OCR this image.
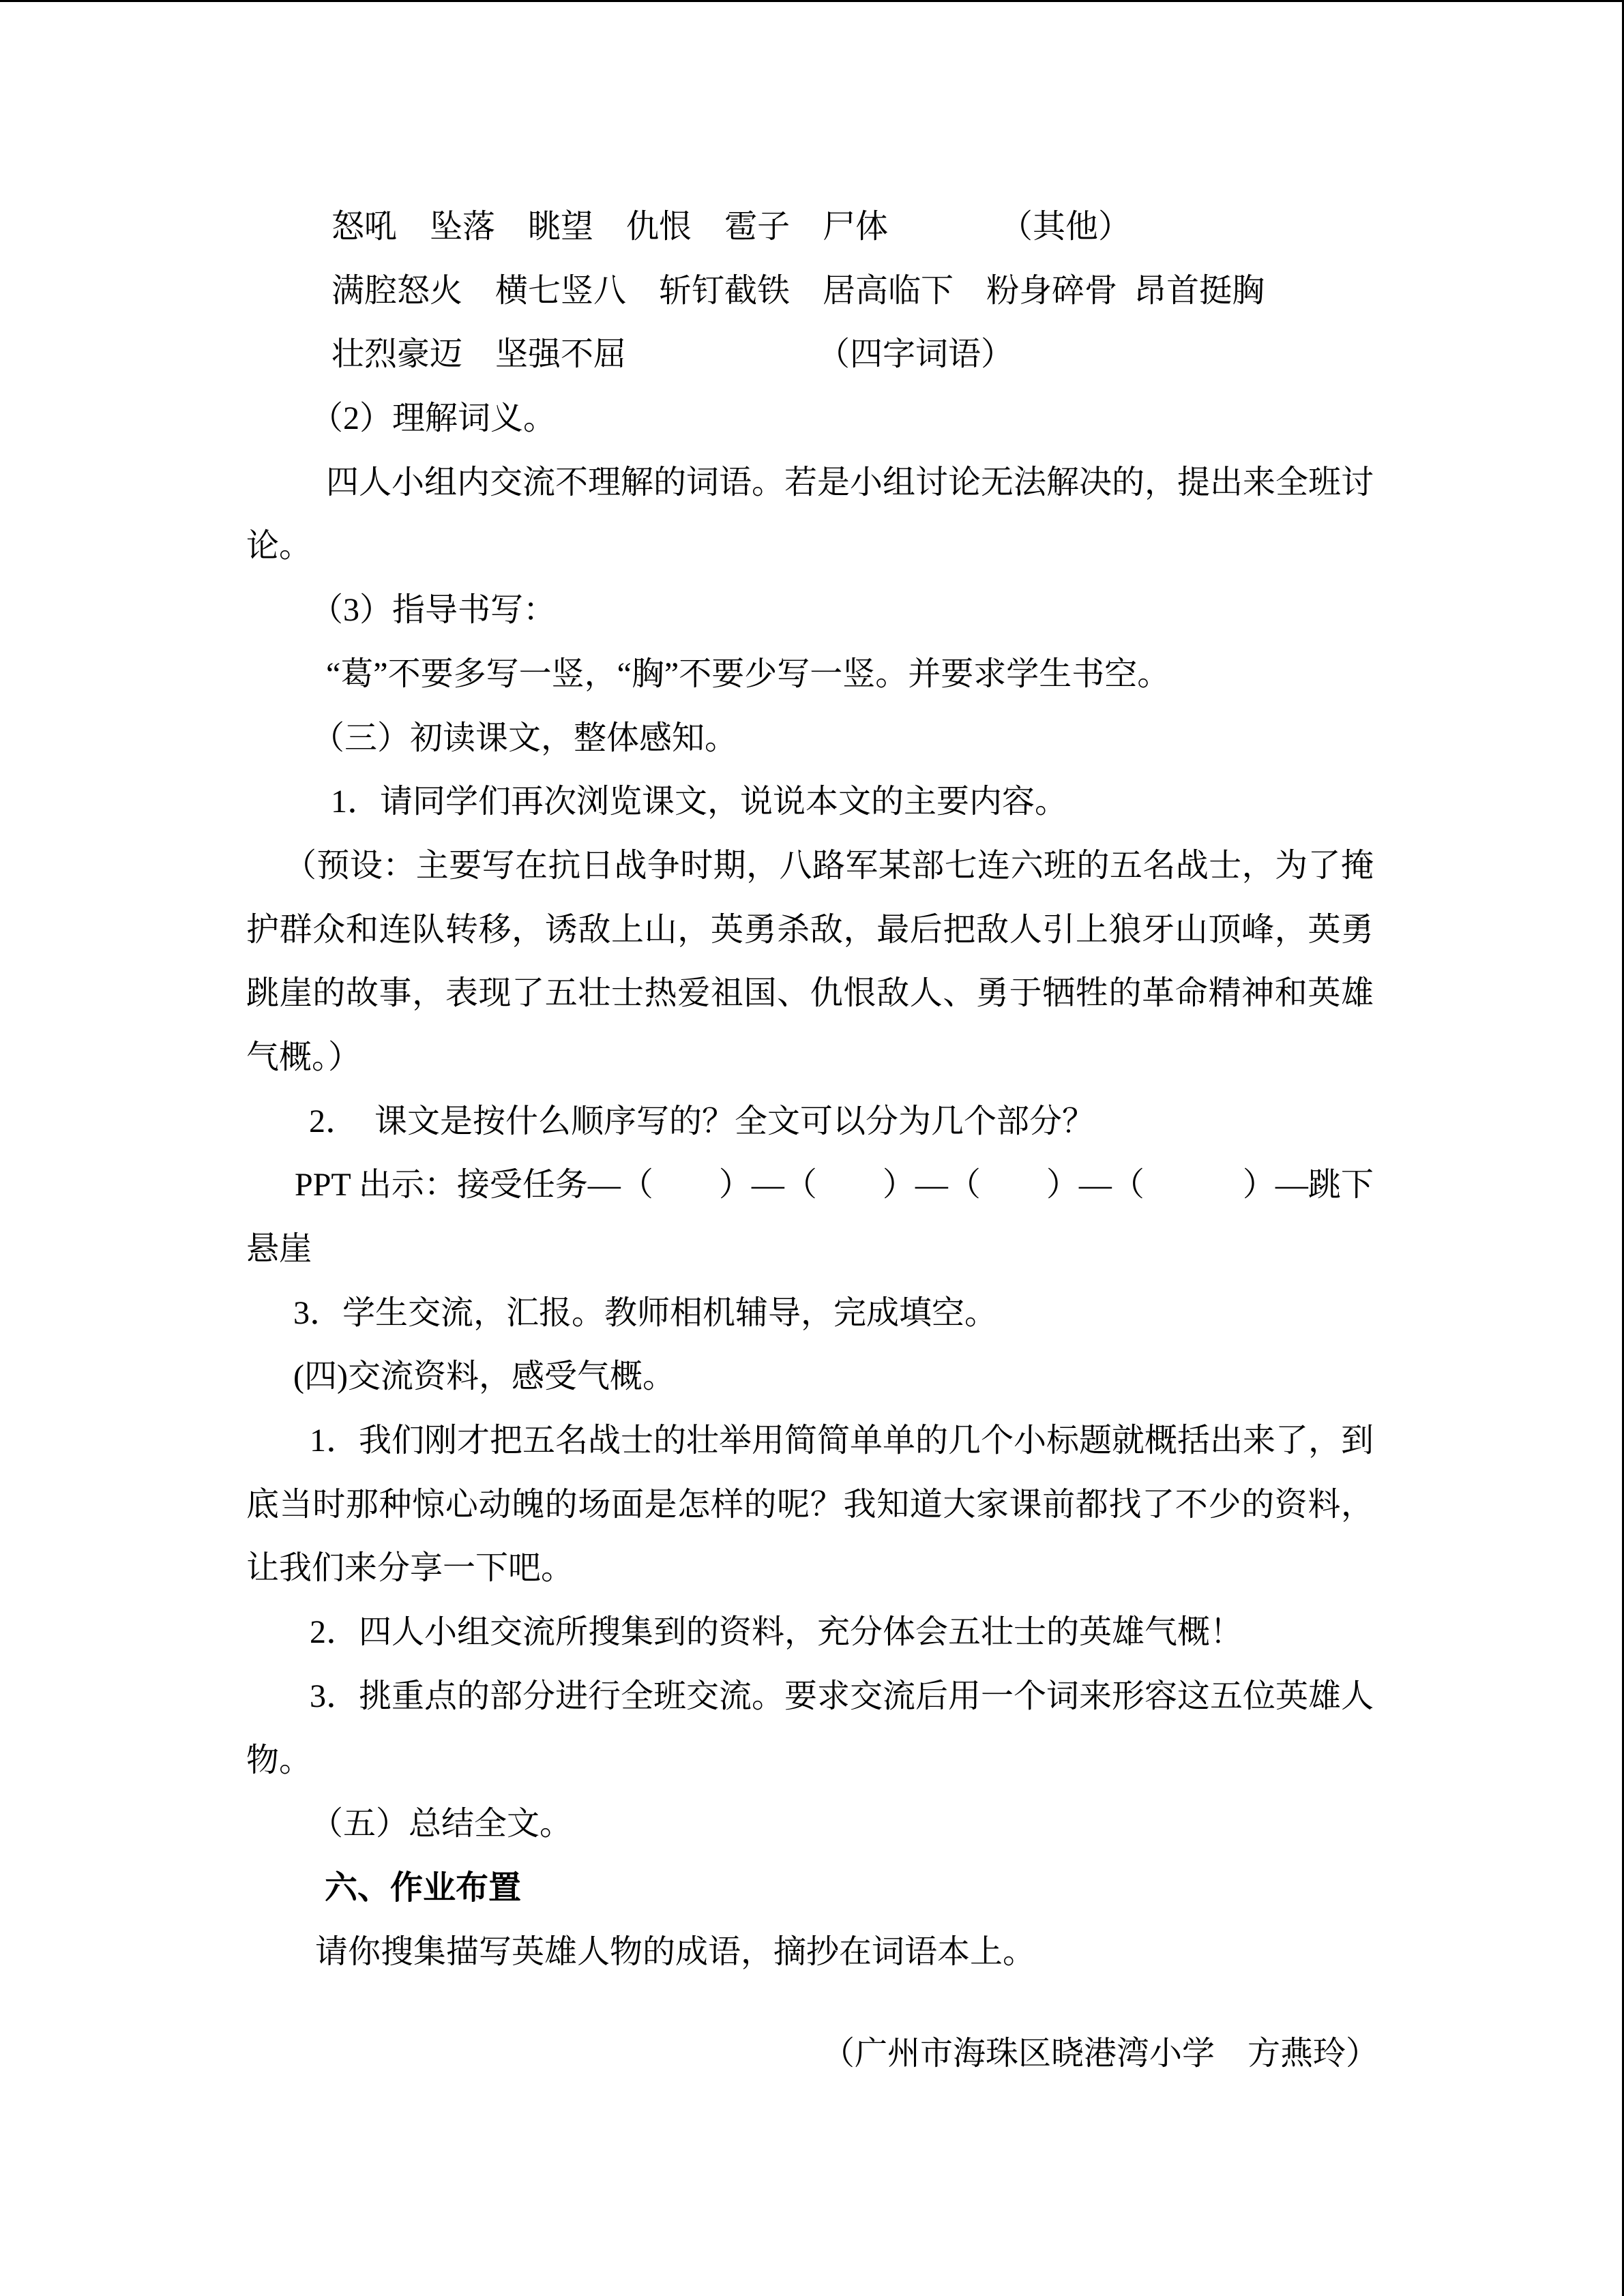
怒吼 坠落 眺望 仇恨 雹子 尸体	（其他）
满腔怒火 横七竖八 斩钉截铁 居高临下 粉身碎骨 昂首挺胸
壮烈豪迈 坚强不屈	（四字词语）
（2）理解词义。
四人小组内交流不理解的词语。若是小组讨论无法解决的，提出来全班讨
论。
（3）指导书写：
“葛”不要多写一竖，“胸”不要少写一竖。并要求学生书空。
（三）初读课文，整体感知。
1．请同学们再次浏览课文，说说本文的主要内容。
（预设：主要写在抗日战争时期，八路军某部七连六班的五名战士，为了掩
护群众和连队转移，诱敌上山，英勇杀敌，最后把敌人引上狼牙山顶峰，英勇
跳崖的故事，表现了五壮士热爱祖国、仇恨敌人、勇于牺牲的革命精神和英雄
气概。）
2．  课文是按什么顺序写的？全文可以分为几个部分？
PPT 出示：接受任务—（　　）—（　　）—（　　）—（　　　）—跳下
悬崖
3．学生交流，汇报。教师相机辅导，完成填空。
(四)交流资料，感受气概。
1．我们刚才把五名战士的壮举用简简单单的几个小标题就概括出来了，到
底当时那种惊心动魄的场面是怎样的呢？我知道大家课前都找了不少的资料，
让我们来分享一下吧。
2．四人小组交流所搜集到的资料，充分体会五壮士的英雄气概！
3．挑重点的部分进行全班交流。要求交流后用一个词来形容这五位英雄人
物。
（五）总结全文。
六、作业布置
请你搜集描写英雄人物的成语，摘抄在词语本上。
（广州市海珠区晓港湾小学　方燕玲）
